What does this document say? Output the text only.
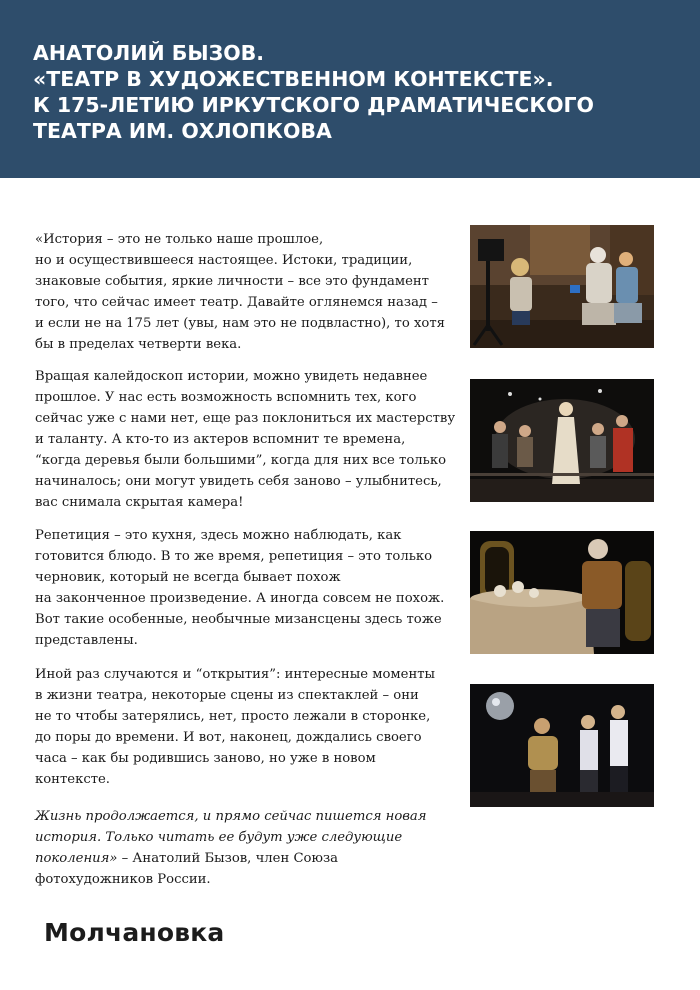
АНАТОЛИЙ БЫЗОВ.
«ТЕАТР В ХУДОЖЕСТВЕННОМ КОНТЕКСТЕ».
К 175-ЛЕТИЮ ИРКУТСКОГО ДРАМАТИЧЕСКОГО
ТЕАТРА ИМ. ОХЛОПКОВА
«История – это не только наше прошлое,
но и осуществившееся настоящее. Истоки, традиции,
знаковые события, яркие личности – все это фундамент
того, что сейчас имеет театр. Давайте оглянемся назад –
и если не на 175 лет (увы, нам это не подвластно), то хотя
бы в пределах четверти века.
Вращая калейдоскоп истории, можно увидеть недавнее
прошлое. У нас есть возможность вспомнить тех, кого
сейчас уже с нами нет, еще раз поклониться их мастерству
и таланту. А кто-то из актеров вспомнит те времена,
“когда деревья были большими”, когда для них все только
начиналось; они могут увидеть себя заново – улыбнитесь,
вас снимала скрытая камера!
Репетиция – это кухня, здесь можно наблюдать, как
готовится блюдо. В то же время, репетиция – это только
черновик, который не всегда бывает похож
на законченное произведение. А иногда совсем не похож.
Вот такие особенные, необычные мизансцены здесь тоже
представлены.
Иной раз случаются и “открытия”: интересные моменты
в жизни театра, некоторые сцены из спектаклей – они
не то чтобы затерялись, нет, просто лежали в сторонке,
до поры до времени. И вот, наконец, дождались своего
часа – как бы родившись заново, но уже в новом
контексте.
Жизнь продолжается, и прямо сейчас пишется новая
история. Только читать ее будут уже следующие
поколения» – Анатолий Бызов, член Союза
фотохудожников России.
Молчановка
